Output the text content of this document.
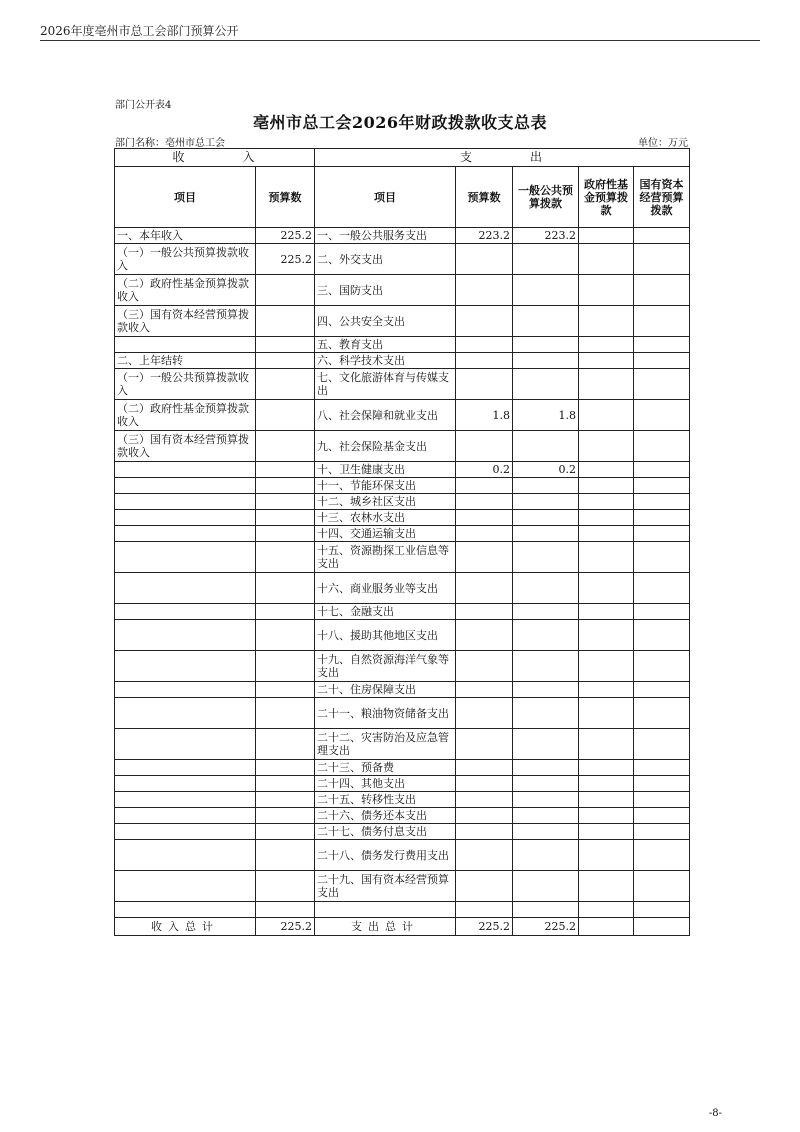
2026年度亳州市总工会部门预算公开
部门公开表4
亳州市总工会2026年财政拨款收支总表
部门名称：亳州市总工会	单位：万元
收　　　　入		支　　　　出				
项目	预算数	项目	预算数	一般公共预算拨款	政府性基金预算拨款	国有资本经营预算拨款
一、本年收入	225.2	一、一般公共服务支出	223.2	223.2		
（一）一般公共预算拨款收入	225.2	二、外交支出				
（二）政府性基金预算拨款收入		三、国防支出				
（三）国有资本经营预算拨款收入		四、公共安全支出				
		五、教育支出				
二、上年结转		六、科学技术支出				
（一）一般公共预算拨款收入		七、文化旅游体育与传媒支出				
（二）政府性基金预算拨款收入		八、社会保障和就业支出	1.8	1.8		
（三）国有资本经营预算拨款收入		九、社会保险基金支出				
		十、卫生健康支出	0.2	0.2		
		十一、节能环保支出				
		十二、城乡社区支出				
		十三、农林水支出				
		十四、交通运输支出				
		十五、资源勘探工业信息等支出				
		十六、商业服务业等支出				
		十七、金融支出				
		十八、援助其他地区支出				
		十九、自然资源海洋气象等支出				
		二十、住房保障支出				
		二十一、粮油物资储备支出				
		二十二、灾害防治及应急管理支出				
		二十三、预备费				
		二十四、其他支出				
		二十五、转移性支出				
		二十六、债务还本支出				
		二十七、债务付息支出				
		二十八、债务发行费用支出				
		二十九、国有资本经营预算支出				

收入总计	225.2	支出总计	225.2	225.2		
-8-
